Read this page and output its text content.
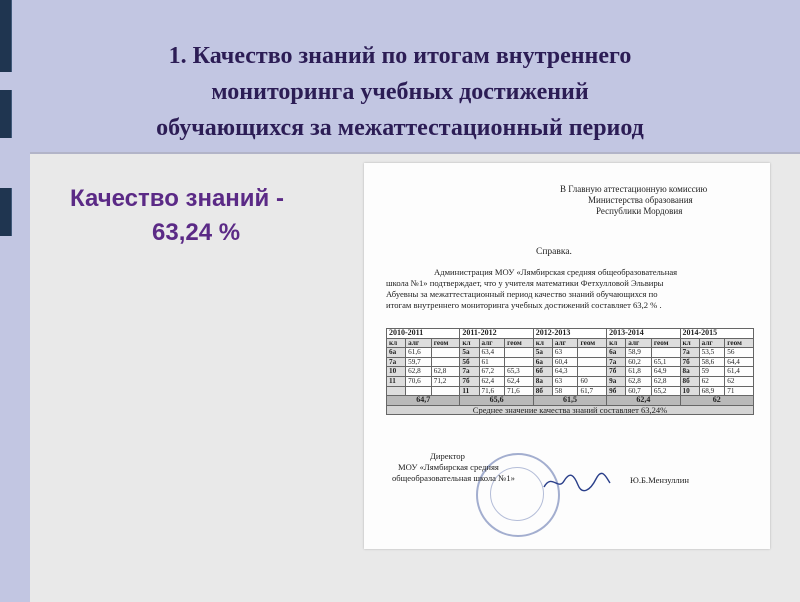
1. Качество знаний по итогам внутреннего
мониторинга учебных достижений
обучающихся за межаттестационный период
Качество знаний -
63,24 %
В Главную аттестационную комиссию
Министерства образования
Республики Мордовия
Справка.
Администрация МОУ «Лямбирская средняя общеобразовательная
школа №1» подтверждает, что у учителя математики Фетхулловой Эльвиры
Абуевны за межаттестационный период качество знаний обучающихся по
итогам внутреннего мониторинга учебных достижений составляет 63,2 % .
2010-2011			2011-2012			2012-2013			2013-2014			2014-2015		
кл	алг	геом	кл	алг	геом	кл	алг	геом	кл	алг	геом	кл	алг	геом
6а	61,6		5а	63,4		5а	63		6а	58,9		7а	53,5	56
7а	59,7		5б	61		6а	60,4		7а	60,2	65,1	7б	58,6	64,4
10	62,8	62,8	7а	67,2	65,3	6б	64,3		7б	61,8	64,9	8а	59	61,4
11	70,6	71,2	7б	62,4	62,4	8а	63	60	9а	62,8	62,8	8б	62	62
			11	71,6	71,6	8б	58	61,7	9б	60,7	65,2	10	68,9	71
64,7			65,6			61,5			62,4			62		
Среднее значение качества знаний составляет 63,24%														
Директор
МОУ «Лямбирская средняя
общеобразовательная школа №1»	Ю.Б.Мензуллин
